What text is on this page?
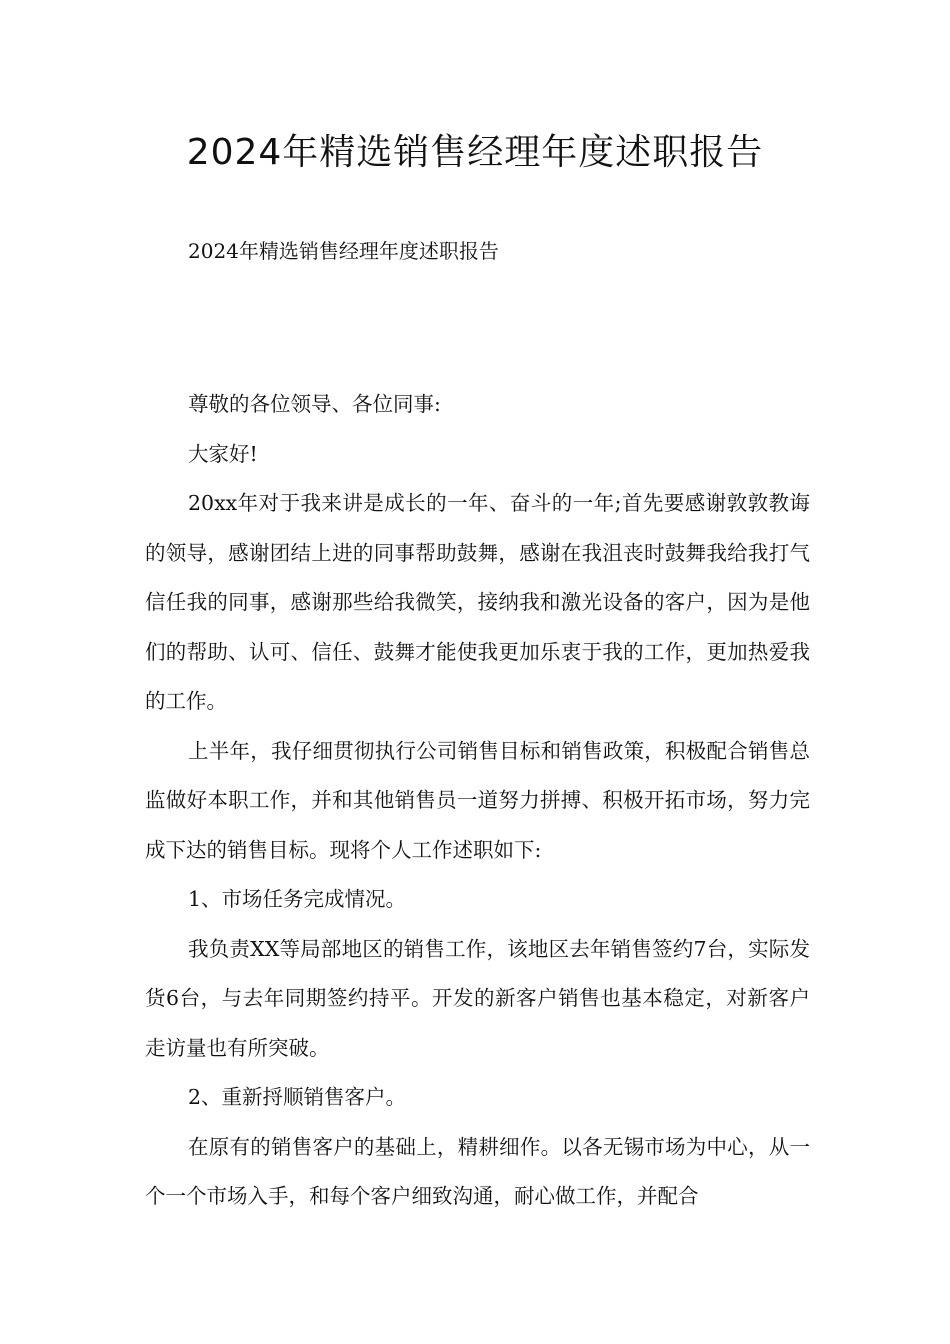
2024年精选销售经理年度述职报告

2024年精选销售经理年度述职报告

尊敬的各位领导、各位同事:

大家好!

20xx年对于我来讲是成长的一年、奋斗的一年;首先要感谢敦敦教诲的领导，感谢团结上进的同事帮助鼓舞，感谢在我沮丧时鼓舞我给我打气信任我的同事，感谢那些给我微笑，接纳我和激光设备的客户，因为是他们的帮助、认可、信任、鼓舞才能使我更加乐衷于我的工作，更加热爱我的工作。

上半年，我仔细贯彻执行公司销售目标和销售政策，积极配合销售总监做好本职工作，并和其他销售员一道努力拼搏、积极开拓市场，努力完成下达的销售目标。现将个人工作述职如下:

1、市场任务完成情况。

我负责XX等局部地区的销售工作，该地区去年销售签约7台，实际发货6台，与去年同期签约持平。开发的新客户销售也基本稳定，对新客户走访量也有所突破。

2、重新捋顺销售客户。

在原有的销售客户的基础上，精耕细作。以各无锡市场为中心，从一个一个市场入手，和每个客户细致沟通，耐心做工作，并配合
